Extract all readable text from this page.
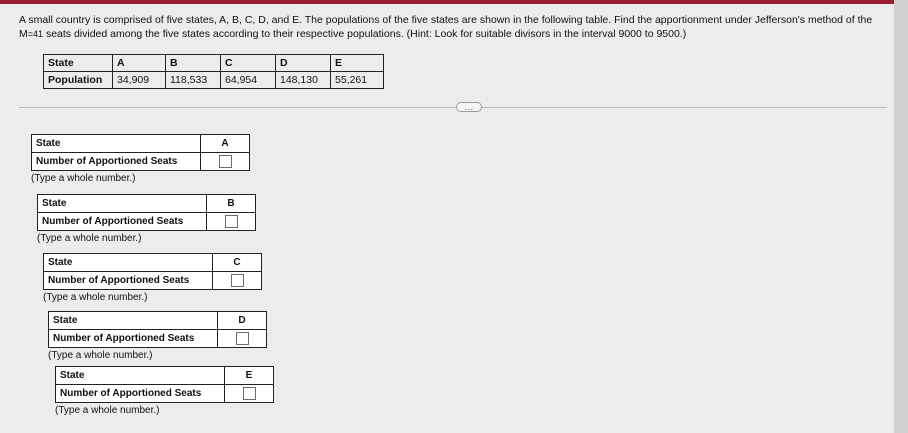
A small country is comprised of five states, A, B, C, D, and E. The populations of the five states are shown in the following table. Find the apportionment under Jefferson's method of the M=41 seats divided among the five states according to their respective populations. (Hint: Look for suitable divisors in the interval 9000 to 9500.)
State	A	B	C	D	E
Population	34,909	118,533	64,954	148,130	55,261
…
State	A
Number of Apportioned Seats	
(Type a whole number.)
State	B
Number of Apportioned Seats	
(Type a whole number.)
State	C
Number of Apportioned Seats	
(Type a whole number.)
State	D
Number of Apportioned Seats	
(Type a whole number.)
State	E
Number of Apportioned Seats	
(Type a whole number.)
